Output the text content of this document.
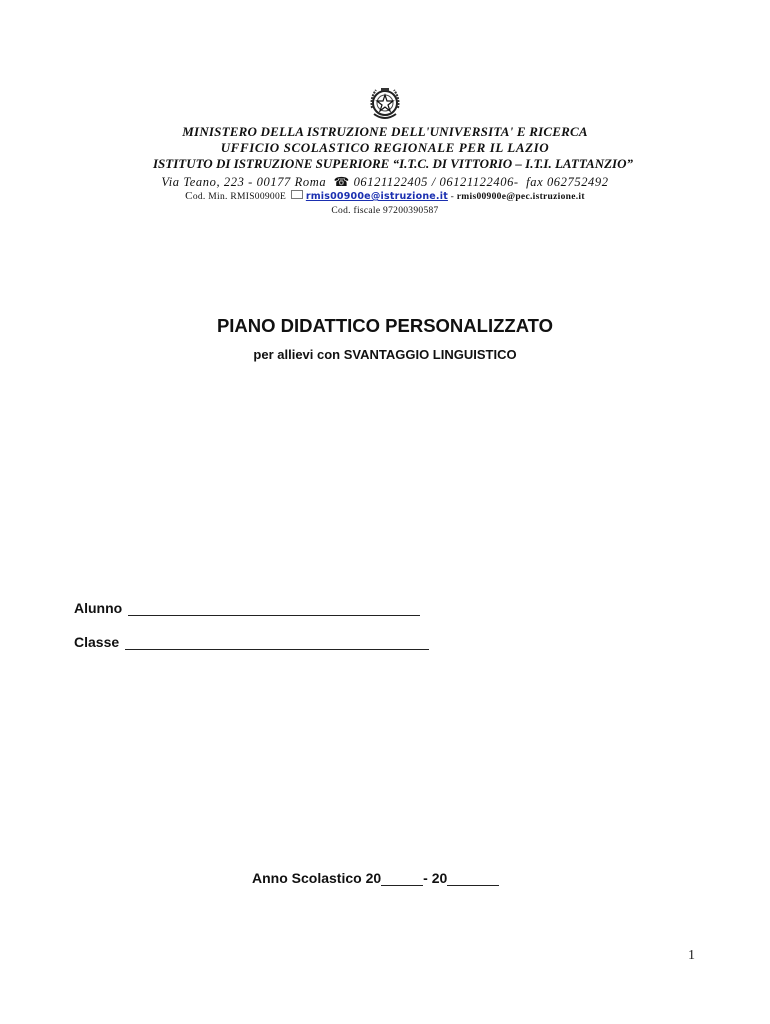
MINISTERO DELLA ISTRUZIONE DELL'UNIVERSITA' E RICERCA
UFFICIO SCOLASTICO REGIONALE PER IL LAZIO
ISTITUTO DI ISTRUZIONE SUPERIORE “I.T.C. DI VITTORIO – I.T.I. LATTANZIO”
Via Teano, 223 - 00177 Roma ☎ 06121122405 / 06121122406- fax 062752492
Cod. Min. RMIS00900E rmis00900e@istruzione.it - rmis00900e@pec.istruzione.it
Cod. fiscale 97200390587
PIANO DIDATTICO PERSONALIZZATO
per allievi con SVANTAGGIO LINGUISTICO
Alunno
Classe
Anno Scolastico 20	- 20
1
